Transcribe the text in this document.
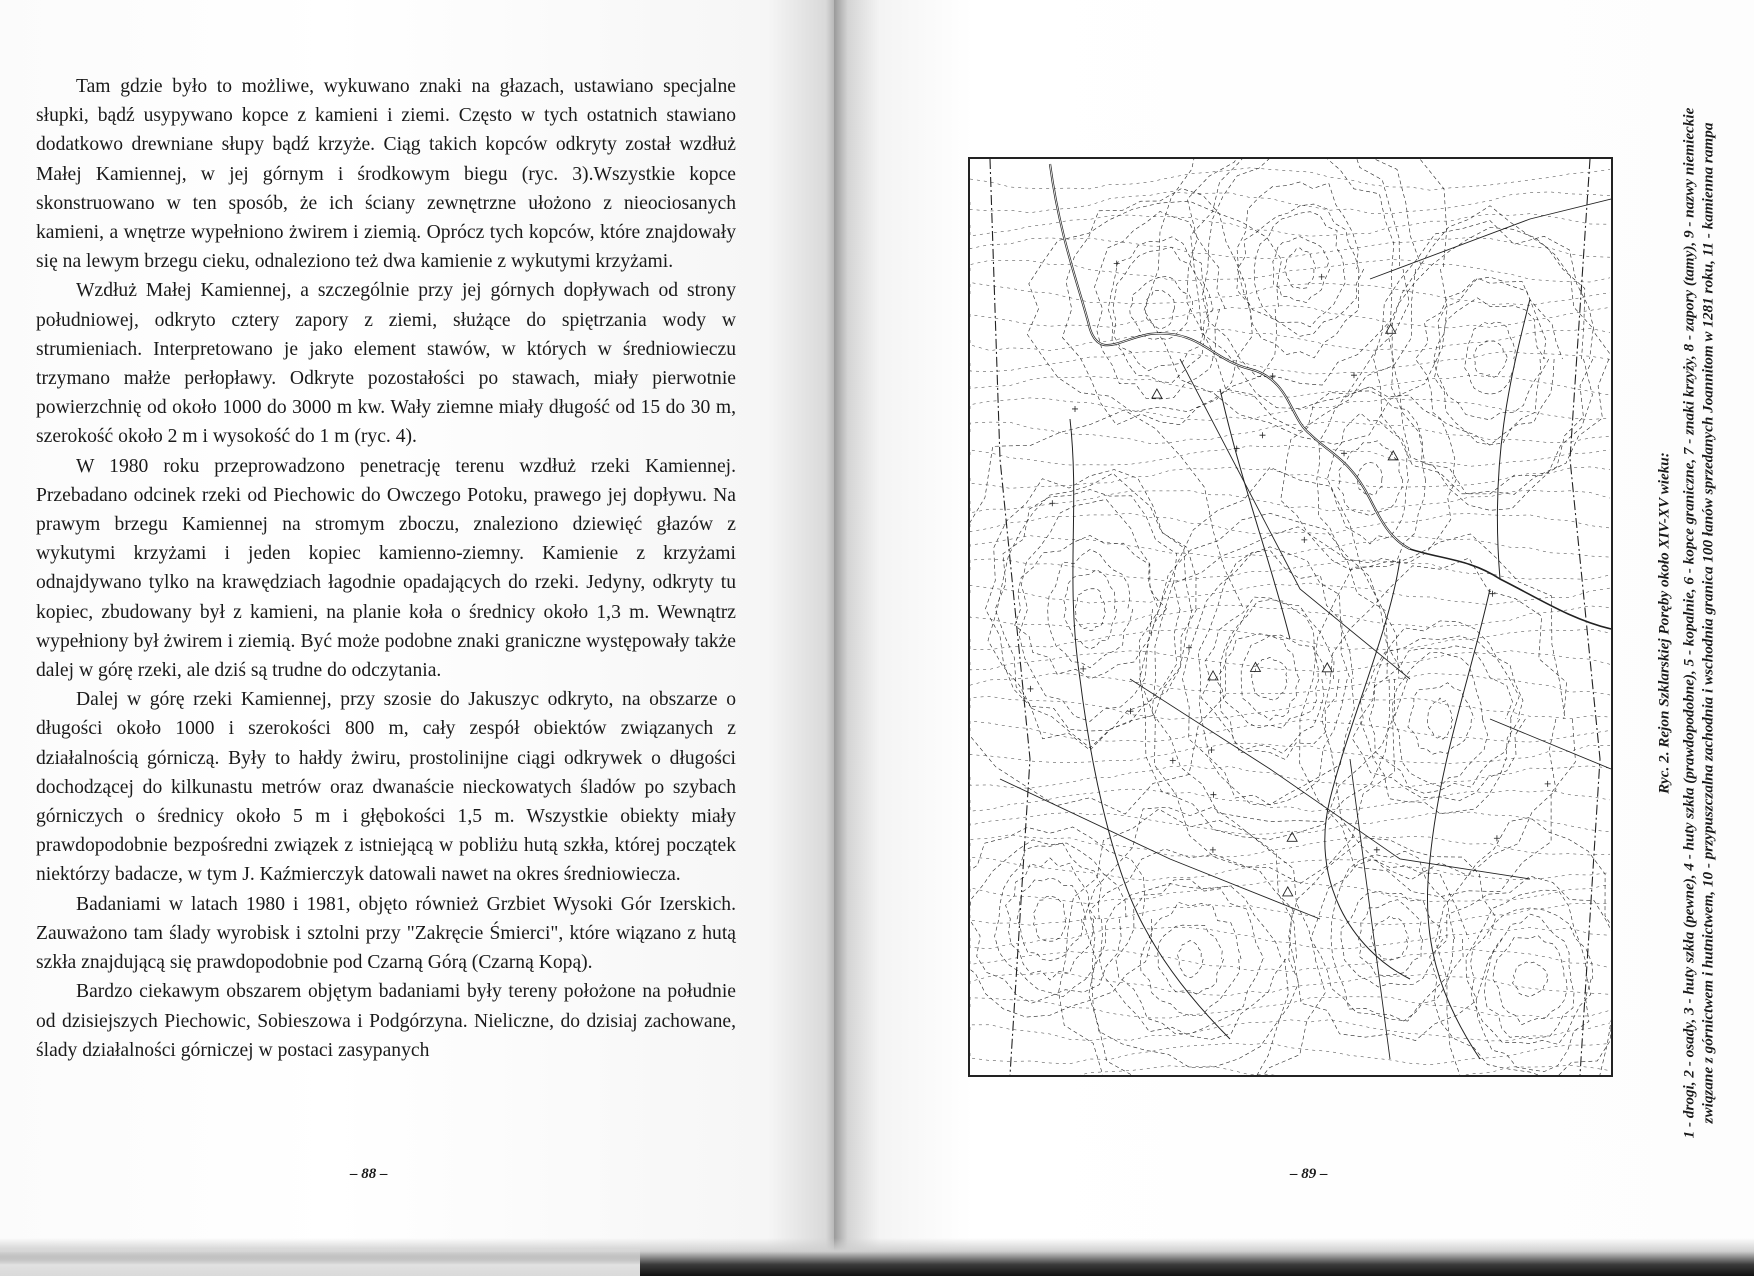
Tam gdzie było to możliwe, wykuwano znaki na głazach, ustawiano specjalne słupki, bądź usypywano kopce z kamieni i ziemi. Często w tych ostatnich stawiano dodatkowo drewniane słupy bądź krzyże. Ciąg takich kopców odkryty został wzdłuż Małej Kamiennej, w jej górnym i środkowym biegu (ryc. 3).Wszystkie kopce skonstruowano w ten sposób, że ich ściany zewnętrzne ułożono z nieociosanych kamieni, a wnętrze wypełniono żwirem i ziemią. Oprócz tych kopców, które znajdowały się na lewym brzegu cieku, odnaleziono też dwa kamienie z wykutymi krzyżami.

Wzdłuż Małej Kamiennej, a szczególnie przy jej górnych dopływach od strony południowej, odkryto cztery zapory z ziemi, służące do spiętrzania wody w strumieniach. Interpretowano je jako element stawów, w których w średniowieczu trzymano małże perłopławy. Odkryte pozostałości po stawach, miały pierwotnie powierzchnię od około 1000 do 3000 m kw. Wały ziemne miały długość od 15 do 30 m, szerokość około 2 m i wysokość do 1 m (ryc. 4).

W 1980 roku przeprowadzono penetrację terenu wzdłuż rzeki Kamiennej. Przebadano odcinek rzeki od Piechowic do Owczego Potoku, prawego jej dopływu. Na prawym brzegu Kamiennej na stromym zboczu, znaleziono dziewięć głazów z wykutymi krzyżami i jeden kopiec kamienno-ziemny. Kamienie z krzyżami odnajdywano tylko na krawędziach łagodnie opadających do rzeki. Jedyny, odkryty tu kopiec, zbudowany był z kamieni, na planie koła o średnicy około 1,3 m. Wewnątrz wypełniony był żwirem i ziemią. Być może podobne znaki graniczne występowały także dalej w górę rzeki, ale dziś są trudne do odczytania.

Dalej w górę rzeki Kamiennej, przy szosie do Jakuszyc odkryto, na obszarze o długości około 1000 i szerokości 800 m, cały zespół obiektów związanych z działalnością górniczą. Były to hałdy żwiru, prostolinijne ciągi odkrywek o długości dochodzącej do kilkunastu metrów oraz dwanaście nieckowatych śladów po szybach górniczych o średnicy około 5 m i głębokości 1,5 m. Wszystkie obiekty miały prawdopodobnie bezpośredni związek z istniejącą w pobliżu hutą szkła, której początek niektórzy badacze, w tym J. Kaźmierczyk datowali nawet na okres średniowiecza.

Badaniami w latach 1980 i 1981, objęto również Grzbiet Wysoki Gór Izerskich. Zauważono tam ślady wyrobisk i sztolni przy "Zakręcie Śmierci", które wiązano z hutą szkła znajdującą się prawdopodobnie pod Czarną Górą (Czarną Kopą).

Bardzo ciekawym obszarem objętym badaniami były tereny położone na południe od dzisiejszych Piechowic, Sobieszowa i Podgórzyna. Nieliczne, do dzisiaj zachowane, ślady działalności górniczej w postaci zasypanych

– 88 –
Ryc. 2. Rejon Szklarskiej Poręby około XIV-XV wieku: 1 - drogi, 2 - osady, 3 - huty szkła (pewne), 4 - huty szkła (prawdopodobne), 5 - kopalnie, 6 - kopce graniczne, 7 - znaki krzyży, 8 - zapory (tamy), 9 - nazwy niemieckie związane z górnictwem i hutnictwem, 10 - przypuszczalna zachodnia i wschodnia granica 100 łanów sprzedanych Joannitom w 1281 roku, 11 - kamienna rampa
– 89 –
